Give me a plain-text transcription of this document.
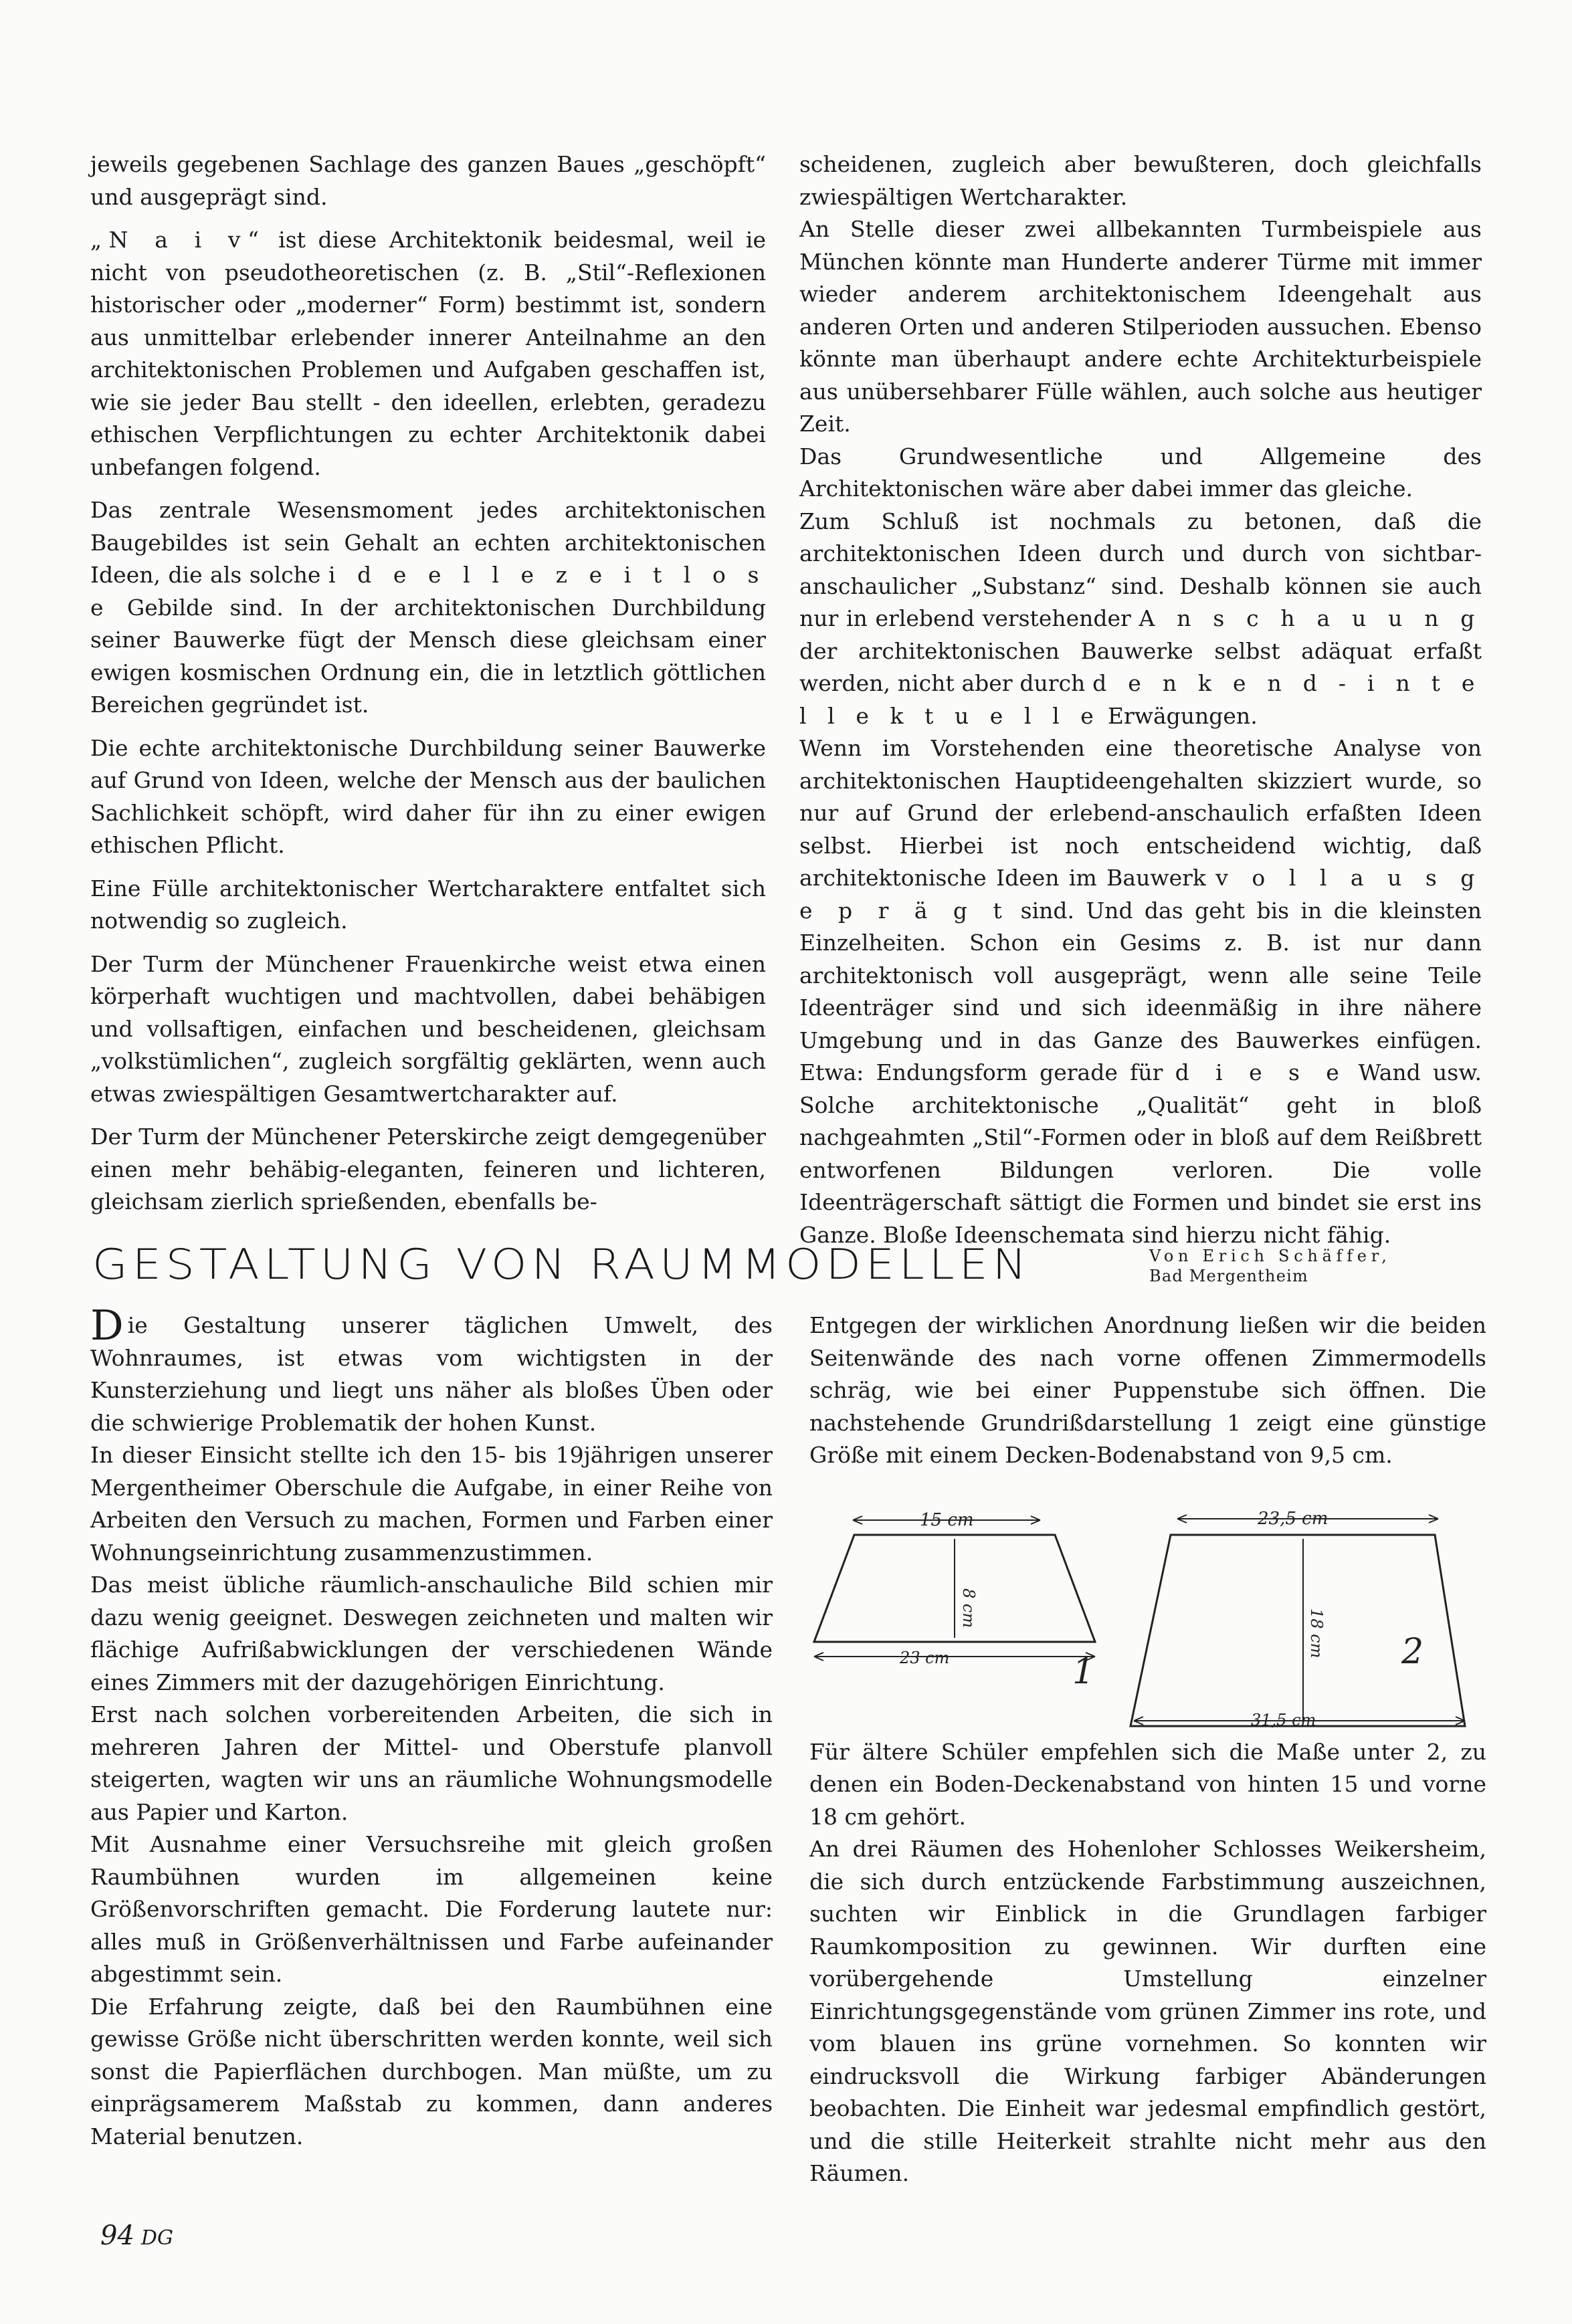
jeweils gegebenen Sachlage des ganzen Baues „geschöpft“ und ausgeprägt sind.

„N a i v“ ist diese Architektonik beidesmal, weil ie nicht von pseudotheoretischen (z. B. „Stil“-Reflexionen historischer oder „moderner“ Form) bestimmt ist, sondern aus unmittelbar erlebender innerer Anteilnahme an den architektonischen Problemen und Aufgaben geschaffen ist, wie sie jeder Bau stellt - den ideellen, erlebten, geradezu ethischen Verpflichtungen zu echter Architektonik dabei unbefangen folgend.

Das zentrale Wesensmoment jedes architektonischen Baugebildes ist sein Gehalt an echten architektonischen Ideen, die als solche i d e e l l e z e i t l o s e Gebilde sind. In der architektonischen Durchbildung seiner Bauwerke fügt der Mensch diese gleichsam einer ewigen kosmischen Ordnung ein, die in letztlich göttlichen Bereichen gegründet ist.

Die echte architektonische Durchbildung seiner Bauwerke auf Grund von Ideen, welche der Mensch aus der baulichen Sachlichkeit schöpft, wird daher für ihn zu einer ewigen ethischen Pflicht.

Eine Fülle architektonischer Wertcharaktere entfaltet sich notwendig so zugleich.

Der Turm der Münchener Frauenkirche weist etwa einen körperhaft wuchtigen und machtvollen, dabei behäbigen und vollsaftigen, einfachen und bescheidenen, gleichsam „volkstümlichen“, zugleich sorgfältig geklärten, wenn auch etwas zwiespältigen Gesamtwertcharakter auf.

Der Turm der Münchener Peterskirche zeigt demgegenüber einen mehr behäbig-eleganten, feineren und lichteren, gleichsam zierlich sprießenden, ebenfalls be-

scheidenen, zugleich aber bewußteren, doch gleichfalls zwiespältigen Wertcharakter.

An Stelle dieser zwei allbekannten Turmbeispiele aus München könnte man Hunderte anderer Türme mit immer wieder anderem architektonischem Ideengehalt aus anderen Orten und anderen Stilperioden aussuchen. Ebenso könnte man überhaupt andere echte Architekturbeispiele aus unübersehbarer Fülle wählen, auch solche aus heutiger Zeit.

Das Grundwesentliche und Allgemeine des Architektonischen wäre aber dabei immer das gleiche.

Zum Schluß ist nochmals zu betonen, daß die architektonischen Ideen durch und durch von sichtbar-anschaulicher „Substanz“ sind. Deshalb können sie auch nur in erlebend verstehender A n s c h a u u n g der architektonischen Bauwerke selbst adäquat erfaßt werden, nicht aber durch d e n k e n d - i n t e l l e k t u e l l e Erwägungen.

Wenn im Vorstehenden eine theoretische Analyse von architektonischen Hauptideengehalten skizziert wurde, so nur auf Grund der erlebend-anschaulich erfaßten Ideen selbst. Hierbei ist noch entscheidend wichtig, daß architektonische Ideen im Bauwerk v o l l a u s g e p r ä g t sind. Und das geht bis in die kleinsten Einzelheiten. Schon ein Gesims z. B. ist nur dann architektonisch voll ausgeprägt, wenn alle seine Teile Ideenträger sind und sich ideenmäßig in ihre nähere Umgebung und in das Ganze des Bauwerkes einfügen. Etwa: Endungsform gerade für d i e s e Wand usw. Solche architektonische „Qualität“ geht in bloß nachgeahmten „Stil“-Formen oder in bloß auf dem Reißbrett entworfenen Bildungen verloren. Die volle Ideenträgerschaft sättigt die Formen und bindet sie erst ins Ganze. Bloße Ideenschemata sind hierzu nicht fähig.

GESTALTUNG VON RAUMMODELLEN	Von Erich Schäffer,
Bad Mergentheim

Die Gestaltung unserer täglichen Umwelt, des Wohnraumes, ist etwas vom wichtigsten in der Kunsterziehung und liegt uns näher als bloßes Üben oder die schwierige Problematik der hohen Kunst.

In dieser Einsicht stellte ich den 15- bis 19jährigen unserer Mergentheimer Oberschule die Aufgabe, in einer Reihe von Arbeiten den Versuch zu machen, Formen und Farben einer Wohnungseinrichtung zusammenzustimmen.

Das meist übliche räumlich-anschauliche Bild schien mir dazu wenig geeignet. Deswegen zeichneten und malten wir flächige Aufrißabwicklungen der verschiedenen Wände eines Zimmers mit der dazugehörigen Einrichtung.

Erst nach solchen vorbereitenden Arbeiten, die sich in mehreren Jahren der Mittel- und Oberstufe planvoll steigerten, wagten wir uns an räumliche Wohnungsmodelle aus Papier und Karton.

Mit Ausnahme einer Versuchsreihe mit gleich großen Raumbühnen wurden im allgemeinen keine Größenvorschriften gemacht. Die Forderung lautete nur: alles muß in Größenverhältnissen und Farbe aufeinander abgestimmt sein.

Die Erfahrung zeigte, daß bei den Raumbühnen eine gewisse Größe nicht überschritten werden konnte, weil sich sonst die Papierflächen durchbogen. Man müßte, um zu einprägsamerem Maßstab zu kommen, dann anderes Material benutzen.

Entgegen der wirklichen Anordnung ließen wir die beiden Seitenwände des nach vorne offenen Zimmermodells schräg, wie bei einer Puppenstube sich öffnen. Die nachstehende Grundrißdarstellung 1 zeigt eine günstige Größe mit einem Decken-Bodenabstand von 9,5 cm.

Für ältere Schüler empfehlen sich die Maße unter 2, zu denen ein Boden-Deckenabstand von hinten 15 und vorne 18 cm gehört.

An drei Räumen des Hohenloher Schlosses Weikersheim, die sich durch entzückende Farbstimmung auszeichnen, suchten wir Einblick in die Grundlagen farbiger Raumkomposition zu gewinnen. Wir durften eine vorübergehende Umstellung einzelner Einrichtungsgegenstände vom grünen Zimmer ins rote, und vom blauen ins grüne vornehmen. So konnten wir eindrucksvoll die Wirkung farbiger Abänderungen beobachten. Die Einheit war jedesmal empfindlich gestört, und die stille Heiterkeit strahlte nicht mehr aus den Räumen.

15 cm
8 cm
23 cm	1
23,5 cm
18 cm
31,5 cm
2
94 DG
